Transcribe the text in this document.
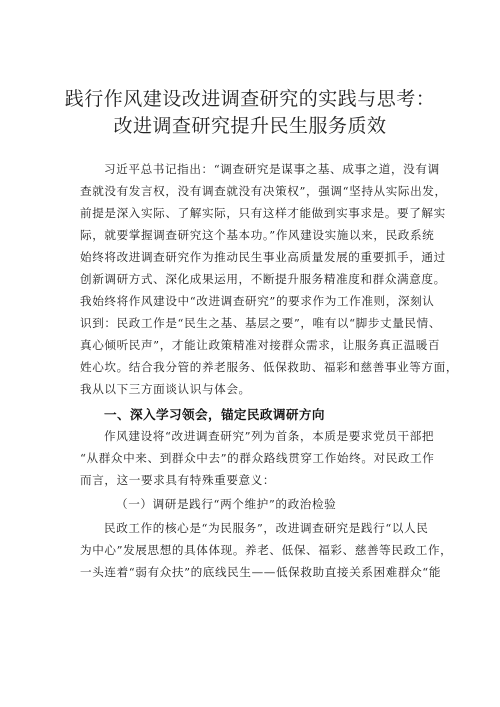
践行作风建设改进调查研究的实践与思考：
改进调查研究提升民生服务质效
习近平总书记指出：“调查研究是谋事之基、成事之道，没有调
查就没有发言权，没有调查就没有决策权”，强调“坚持从实际出发，
前提是深入实际、了解实际，只有这样才能做到实事求是。要了解实
际，就要掌握调查研究这个基本功。”作风建设实施以来，民政系统
始终将改进调查研究作为推动民生事业高质量发展的重要抓手，通过
创新调研方式、深化成果运用，不断提升服务精准度和群众满意度。
我始终将作风建设中“改进调查研究”的要求作为工作准则，深刻认
识到：民政工作是“民生之基、基层之要”，唯有以“脚步丈量民情、
真心倾听民声”，才能让政策精准对接群众需求，让服务真正温暖百
姓心坎。结合我分管的养老服务、低保救助、福彩和慈善事业等方面，
我从以下三方面谈认识与体会。
一、深入学习领会，锚定民政调研方向
作风建设将“改进调查研究”列为首条，本质是要求党员干部把
“从群众中来、到群众中去”的群众路线贯穿工作始终。对民政工作
而言，这一要求具有特殊重要意义：
（一）调研是践行“两个维护”的政治检验
民政工作的核心是“为民服务”，改进调查研究是践行“以人民
为中心”发展思想的具体体现。养老、低保、福彩、慈善等民政工作，
一头连着“弱有众扶”的底线民生——低保救助直接关系困难群众“能
